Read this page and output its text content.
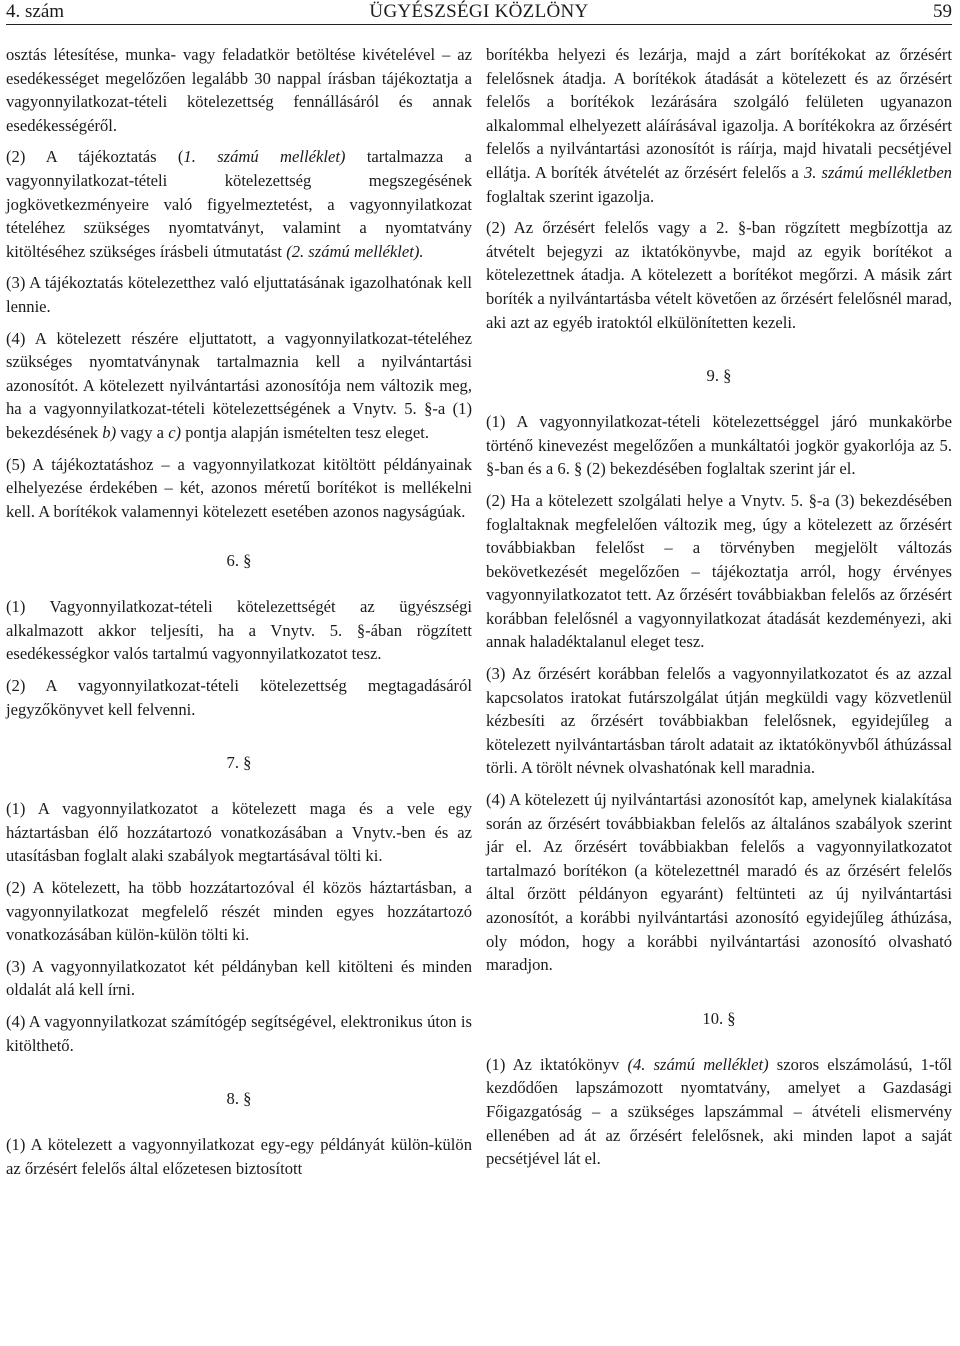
4. szám	ÜGYÉSZSÉGI KÖZLÖNY	59

osztás létesítése, munka- vagy feladatkör betöltése kivételével – az esedékességet megelőzően legalább 30 nappal írásban tájékoztatja a vagyonnyilatkozat-tételi kötelezettség fennállásáról és annak esedékességéről.

(2) A tájékoztatás (1. számú melléklet) tartalmazza a vagyonnyilatkozat-tételi kötelezettség megszegésének jogkövetkezményeire való figyelmeztetést, a vagyonnyilatkozat tételéhez szükséges nyomtatványt, valamint a nyomtatvány kitöltéséhez szükséges írásbeli útmutatást (2. számú melléklet).

(3) A tájékoztatás kötelezetthez való eljuttatásának igazolhatónak kell lennie.

(4) A kötelezett részére eljuttatott, a vagyonnyilatkozat-tételéhez szükséges nyomtatványnak tartalmaznia kell a nyilvántartási azonosítót. A kötelezett nyilvántartási azonosítója nem változik meg, ha a vagyonnyilatkozat-tételi kötelezettségének a Vnytv. 5. §-a (1) bekezdésének b) vagy a c) pontja alapján ismételten tesz eleget.

(5) A tájékoztatáshoz – a vagyonnyilatkozat kitöltött példányainak elhelyezése érdekében – két, azonos méretű borítékot is mellékelni kell. A borítékok valamennyi kötelezett esetében azonos nagyságúak.

6. §

(1) Vagyonnyilatkozat-tételi kötelezettségét az ügyészségi alkalmazott akkor teljesíti, ha a Vnytv. 5. §-ában rögzített esedékességkor valós tartalmú vagyonnyilatkozatot tesz.

(2) A vagyonnyilatkozat-tételi kötelezettség megtagadásáról jegyzőkönyvet kell felvenni.

7. §

(1) A vagyonnyilatkozatot a kötelezett maga és a vele egy háztartásban élő hozzátartozó vonatkozásában a Vnytv.-ben és az utasításban foglalt alaki szabályok megtartásával tölti ki.

(2) A kötelezett, ha több hozzátartozóval él közös háztartásban, a vagyonnyilatkozat megfelelő részét minden egyes hozzátartozó vonatkozásában külön-külön tölti ki.

(3) A vagyonnyilatkozatot két példányban kell kitölteni és minden oldalát alá kell írni.

(4) A vagyonnyilatkozat számítógép segítségével, elektronikus úton is kitölthető.

8. §

(1) A kötelezett a vagyonnyilatkozat egy-egy példányát külön-külön az őrzésért felelős által előzetesen biztosított

borítékba helyezi és lezárja, majd a zárt borítékokat az őrzésért felelősnek átadja. A borítékok átadását a kötelezett és az őrzésért felelős a borítékok lezárására szolgáló felületen ugyanazon alkalommal elhelyezett aláírásával igazolja. A borítékokra az őrzésért felelős a nyilvántartási azonosítót is ráírja, majd hivatali pecsétjével ellátja. A boríték átvételét az őrzésért felelős a 3. számú mellékletben foglaltak szerint igazolja.

(2) Az őrzésért felelős vagy a 2. §-ban rögzített megbízottja az átvételt bejegyzi az iktatókönyvbe, majd az egyik borítékot a kötelezettnek átadja. A kötelezett a borítékot megőrzi. A másik zárt boríték a nyilvántartásba vételt követően az őrzésért felelősnél marad, aki azt az egyéb iratoktól elkülönítetten kezeli.

9. §

(1) A vagyonnyilatkozat-tételi kötelezettséggel járó munkakörbe történő kinevezést megelőzően a munkáltatói jogkör gyakorlója az 5. §-ban és a 6. § (2) bekezdésében foglaltak szerint jár el.

(2) Ha a kötelezett szolgálati helye a Vnytv. 5. §-a (3) bekezdésében foglaltaknak megfelelően változik meg, úgy a kötelezett az őrzésért továbbiakban felelőst – a törvényben megjelölt változás bekövetkezését megelőzően – tájékoztatja arról, hogy érvényes vagyonnyilatkozatot tett. Az őrzésért továbbiakban felelős az őrzésért korábban felelősnél a vagyonnyilatkozat átadását kezdeményezi, aki annak haladéktalanul eleget tesz.

(3) Az őrzésért korábban felelős a vagyonnyilatkozatot és az azzal kapcsolatos iratokat futárszolgálat útján megküldi vagy közvetlenül kézbesíti az őrzésért továbbiakban felelősnek, egyidejűleg a kötelezett nyilvántartásban tárolt adatait az iktatókönyvből áthúzással törli. A törölt névnek olvashatónak kell maradnia.

(4) A kötelezett új nyilvántartási azonosítót kap, amelynek kialakítása során az őrzésért továbbiakban felelős az általános szabályok szerint jár el. Az őrzésért továbbiakban felelős a vagyonnyilatkozatot tartalmazó borítékon (a kötelezettnél maradó és az őrzésért felelős által őrzött példányon egyaránt) feltünteti az új nyilvántartási azonosítót, a korábbi nyilvántartási azonosító egyidejűleg áthúzása, oly módon, hogy a korábbi nyilvántartási azonosító olvasható maradjon.

10. §

(1) Az iktatókönyv (4. számú melléklet) szoros elszámolású, 1-től kezdődően lapszámozott nyomtatvány, amelyet a Gazdasági Főigazgatóság – a szükséges lapszámmal – átvételi elismervény ellenében ad át az őrzésért felelősnek, aki minden lapot a saját pecsétjével lát el.
